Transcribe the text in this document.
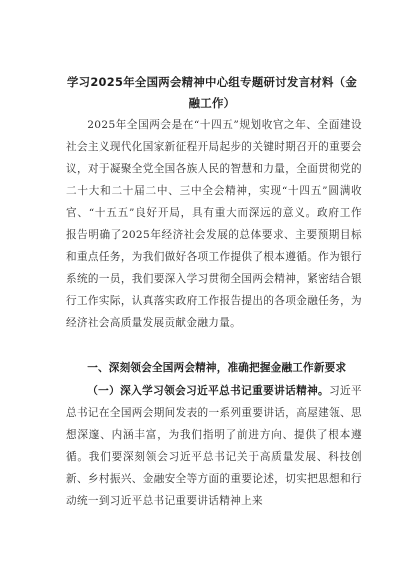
学习2025年全国两会精神中心组专题研讨发言材料（金融工作）
2025年全国两会是在“十四五”规划收官之年、全面建设社会主义现代化国家新征程开局起步的关键时期召开的重要会议，对于凝聚全党全国各族人民的智慧和力量，全面贯彻党的二十大和二十届二中、三中全会精神，实现“十四五”圆满收官、“十五五”良好开局，具有重大而深远的意义。政府工作报告明确了2025年经济社会发展的总体要求、主要预期目标和重点任务，为我们做好各项工作提供了根本遵循。作为银行系统的一员，我们要深入学习贯彻全国两会精神，紧密结合银行工作实际，认真落实政府工作报告提出的各项金融任务，为经济社会高质量发展贡献金融力量。
一、深刻领会全国两会精神，准确把握金融工作新要求
（一）深入学习领会习近平总书记重要讲话精神。习近平总书记在全国两会期间发表的一系列重要讲话，高屋建瓴、思想深邃、内涵丰富，为我们指明了前进方向、提供了根本遵循。我们要深刻领会习近平总书记关于高质量发展、科技创新、乡村振兴、金融安全等方面的重要论述，切实把思想和行动统一到习近平总书记重要讲话精神上来
